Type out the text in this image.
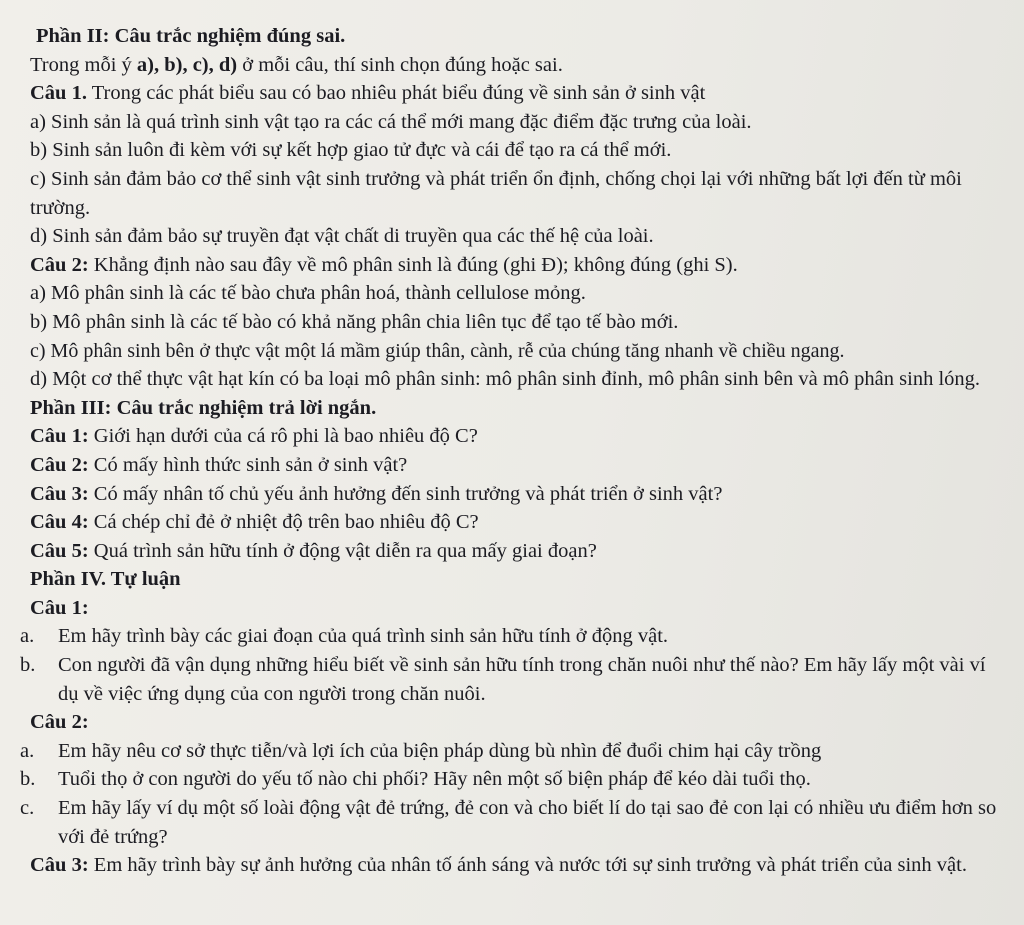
Phần II: Câu trắc nghiệm đúng sai.
Trong mỗi ý a), b), c), d) ở mỗi câu, thí sinh chọn đúng hoặc sai.
Câu 1. Trong các phát biểu sau có bao nhiêu phát biểu đúng về sinh sản ở sinh vật
a) Sinh sản là quá trình sinh vật tạo ra các cá thể mới mang đặc điểm đặc trưng của loài.
b) Sinh sản luôn đi kèm với sự kết hợp giao tử đực và cái để tạo ra cá thể mới.
c) Sinh sản đảm bảo cơ thể sinh vật sinh trưởng và phát triển ổn định, chống chọi lại với những bất lợi đến từ môi trường.
d) Sinh sản đảm bảo sự truyền đạt vật chất di truyền qua các thế hệ của loài.
Câu 2: Khẳng định nào sau đây về mô phân sinh là đúng (ghi Đ); không đúng (ghi S).
a) Mô phân sinh là các tế bào chưa phân hoá, thành cellulose mỏng.
b) Mô phân sinh là các tế bào có khả năng phân chia liên tục để tạo tế bào mới.
c) Mô phân sinh bên ở thực vật một lá mầm giúp thân, cành, rễ của chúng tăng nhanh về chiều ngang.
d) Một cơ thể thực vật hạt kín có ba loại mô phân sinh: mô phân sinh đỉnh, mô phân sinh bên và mô phân sinh lóng.
Phần III: Câu trắc nghiệm trả lời ngắn.
Câu 1: Giới hạn dưới của cá rô phi là bao nhiêu độ C?
Câu 2: Có mấy hình thức sinh sản ở sinh vật?
Câu 3: Có mấy nhân tố chủ yếu ảnh hưởng đến sinh trưởng và phát triển ở sinh vật?
Câu 4: Cá chép chỉ đẻ ở nhiệt độ trên bao nhiêu độ C?
Câu 5: Quá trình sản hữu tính ở động vật diễn ra qua mấy giai đoạn?
Phần IV. Tự luận
Câu 1:
a.	Em hãy trình bày các giai đoạn của quá trình sinh sản hữu tính ở động vật.
b.	Con người đã vận dụng những hiểu biết về sinh sản hữu tính trong chăn nuôi như thế nào? Em hãy lấy một vài ví dụ về việc ứng dụng của con người trong chăn nuôi.
Câu 2:
a.	Em hãy nêu cơ sở thực tiễn/và lợi ích của biện pháp dùng bù nhìn để đuổi chim hại cây trồng
b.	Tuổi thọ ở con người do yếu tố nào chi phối? Hãy nên một số biện pháp để kéo dài tuổi thọ.
c.	Em hãy lấy ví dụ một số loài động vật đẻ trứng, đẻ con và cho biết lí do tại sao đẻ con lại có nhiều ưu điểm hơn so với đẻ trứng?
Câu 3: Em hãy trình bày sự ảnh hưởng của nhân tố ánh sáng và nước tới sự sinh trưởng và phát triển của sinh vật.
